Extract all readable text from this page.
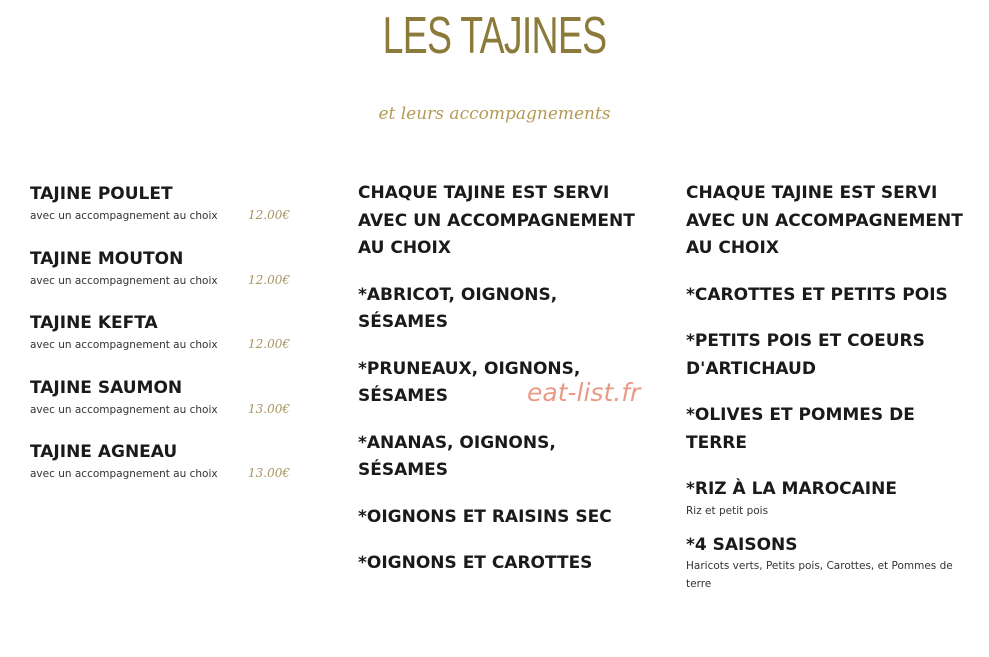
LES TAJINES
et leurs accompagnements
TAJINE POULET
avec un accompagnement au choix	12.00€
TAJINE MOUTON
avec un accompagnement au choix	12.00€
TAJINE KEFTA
avec un accompagnement au choix	12.00€
TAJINE SAUMON
avec un accompagnement au choix	13.00€
TAJINE AGNEAU
avec un accompagnement au choix	13.00€
CHAQUE TAJINE EST SERVI AVEC UN ACCOMPAGNEMENT AU CHOIX
*ABRICOT, OIGNONS, SÉSAMES
*PRUNEAUX, OIGNONS, SÉSAMES
*ANANAS, OIGNONS, SÉSAMES
*OIGNONS ET RAISINS SEC
*OIGNONS ET CAROTTES
CHAQUE TAJINE EST SERVI AVEC UN ACCOMPAGNEMENT AU CHOIX
*CAROTTES ET PETITS POIS
*PETITS POIS ET COEURS D'ARTICHAUD
*OLIVES ET POMMES DE TERRE
*RIZ À LA MAROCAINE
Riz et petit pois
*4 SAISONS
Haricots verts, Petits pois, Carottes, et Pommes de terre
eat-list.fr
